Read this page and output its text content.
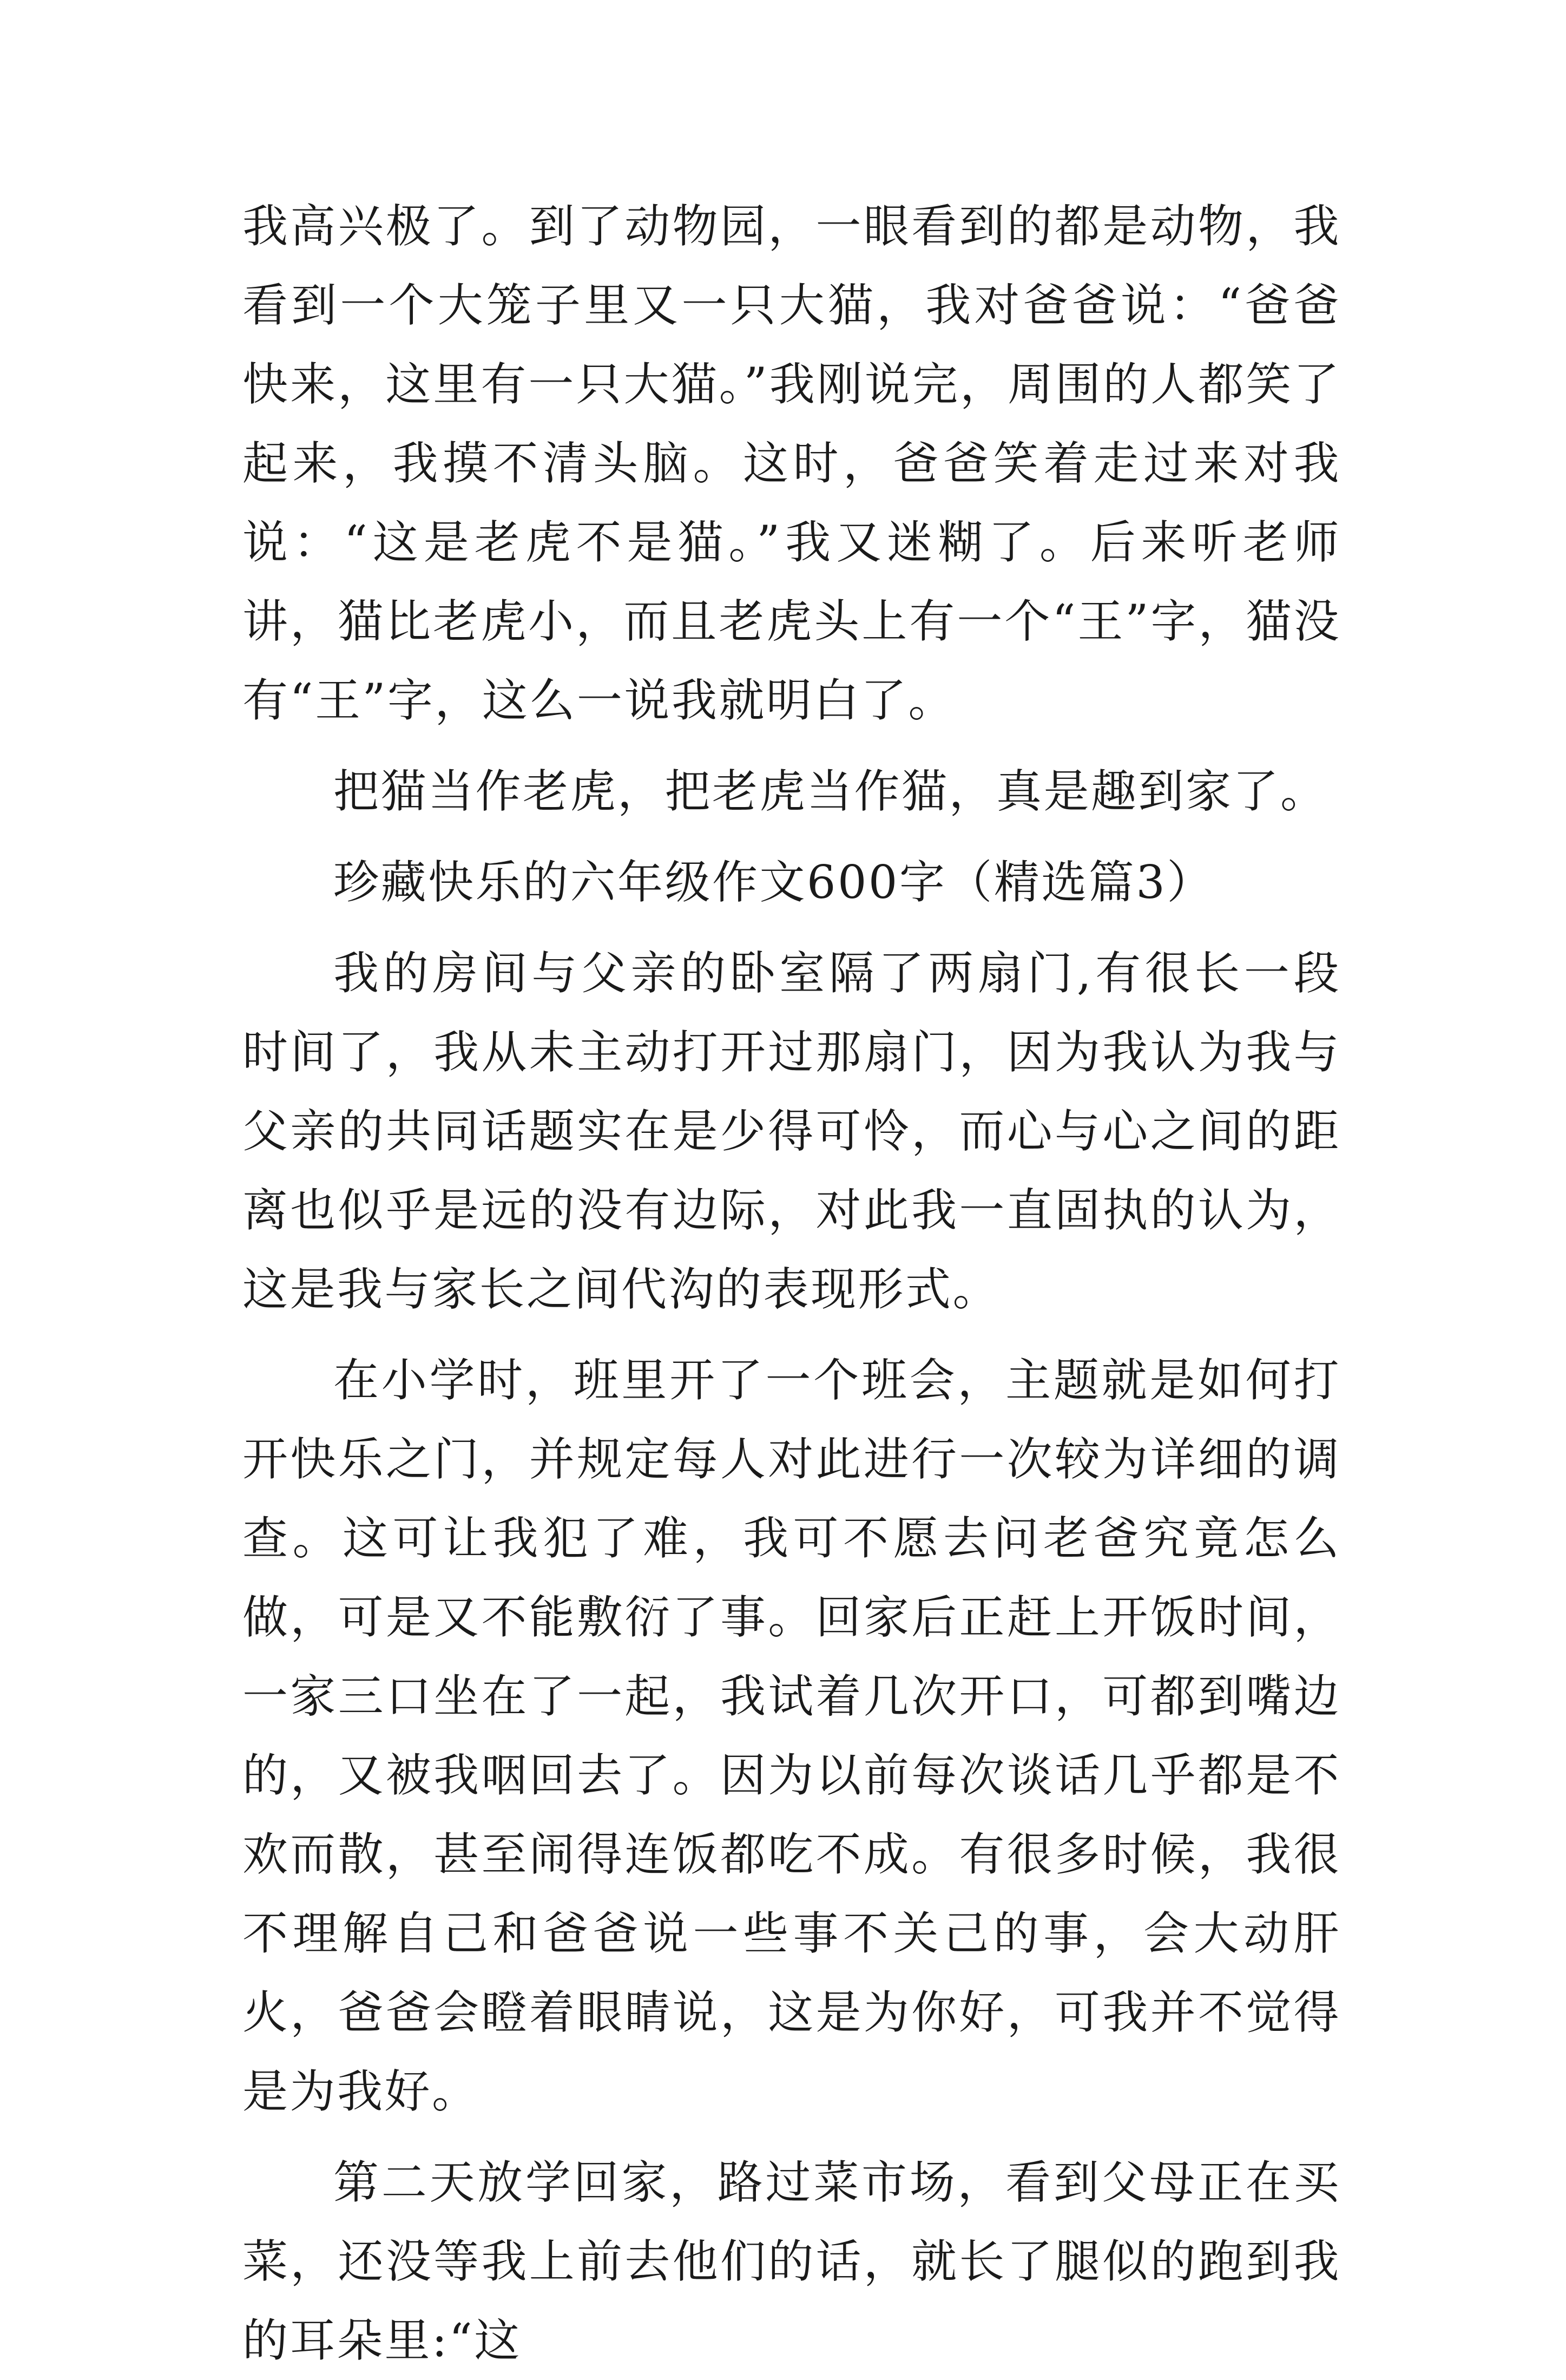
我高兴极了。到了动物园，一眼看到的都是动物，我看到一个大笼子里又一只大猫，我对爸爸说：“爸爸快来，这里有一只大猫。”我刚说完，周围的人都笑了起来，我摸不清头脑。这时，爸爸笑着走过来对我说：“这是老虎不是猫。”我又迷糊了。后来听老师讲，猫比老虎小，而且老虎头上有一个“王”字，猫没有“王”字，这么一说我就明白了。

把猫当作老虎，把老虎当作猫，真是趣到家了。

珍藏快乐的六年级作文600字（精选篇3）

我的房间与父亲的卧室隔了两扇门,有很长一段时间了，我从未主动打开过那扇门，因为我认为我与父亲的共同话题实在是少得可怜，而心与心之间的距离也似乎是远的没有边际，对此我一直固执的认为，这是我与家长之间代沟的表现形式。

在小学时，班里开了一个班会，主题就是如何打开快乐之门，并规定每人对此进行一次较为详细的调查。这可让我犯了难，我可不愿去问老爸究竟怎么做，可是又不能敷衍了事。回家后正赶上开饭时间，一家三口坐在了一起，我试着几次开口，可都到嘴边的，又被我咽回去了。因为以前每次谈话几乎都是不欢而散，甚至闹得连饭都吃不成。有很多时候，我很不理解自己和爸爸说一些事不关己的事，会大动肝火，爸爸会瞪着眼睛说，这是为你好，可我并不觉得是为我好。

第二天放学回家，路过菜市场，看到父母正在买菜，还没等我上前去他们的话，就长了腿似的跑到我的耳朵里:“这
